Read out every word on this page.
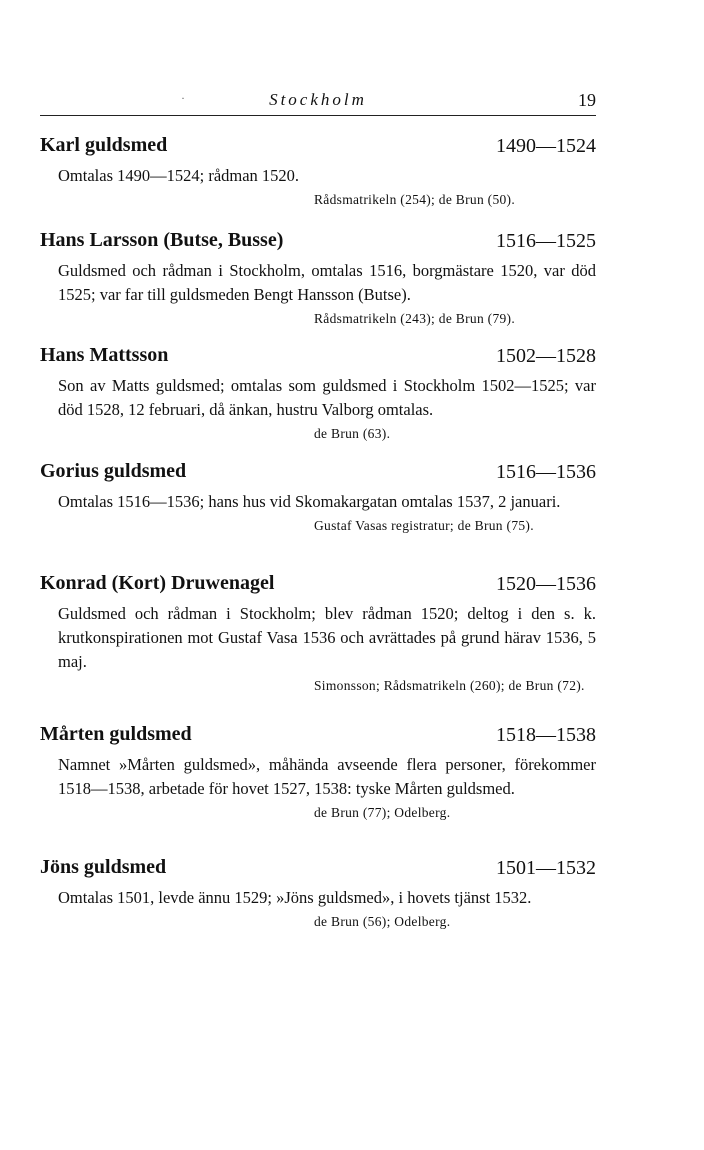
·	Stockholm	19
Karl guldsmed	1490—1524

Omtalas 1490—1524; rådman 1520.

Rådsmatrikeln (254); de Brun (50).

Hans Larsson (Butse, Busse)	1516—1525

Guldsmed och rådman i Stockholm, omtalas 1516, borgmästare 1520, var död 1525; var far till guldsmeden Bengt Hansson (Butse).

Rådsmatrikeln (243); de Brun (79).

Hans Mattsson	1502—1528

Son av Matts guldsmed; omtalas som guldsmed i Stockholm 1502—1525; var död 1528, 12 februari, då änkan, hustru Valborg omtalas.

de Brun (63).

Gorius guldsmed	1516—1536

Omtalas 1516—1536; hans hus vid Skomakargatan omtalas 1537, 2 januari.

Gustaf Vasas registratur; de Brun (75).

Konrad (Kort) Druwenagel	1520—1536

Guldsmed och rådman i Stockholm; blev rådman 1520; deltog i den s. k. krutkonspirationen mot Gustaf Vasa 1536 och avrättades på grund härav 1536, 5 maj.

Simonsson; Rådsmatrikeln (260); de Brun (72).

Mårten guldsmed	1518—1538

Namnet »Mårten guldsmed», måhända avseende flera personer, förekommer 1518—1538, arbetade för hovet 1527, 1538: tyske Mårten guldsmed.

de Brun (77); Odelberg.

Jöns guldsmed	1501—1532

Omtalas 1501, levde ännu 1529; »Jöns guldsmed», i hovets tjänst 1532.

de Brun (56); Odelberg.
